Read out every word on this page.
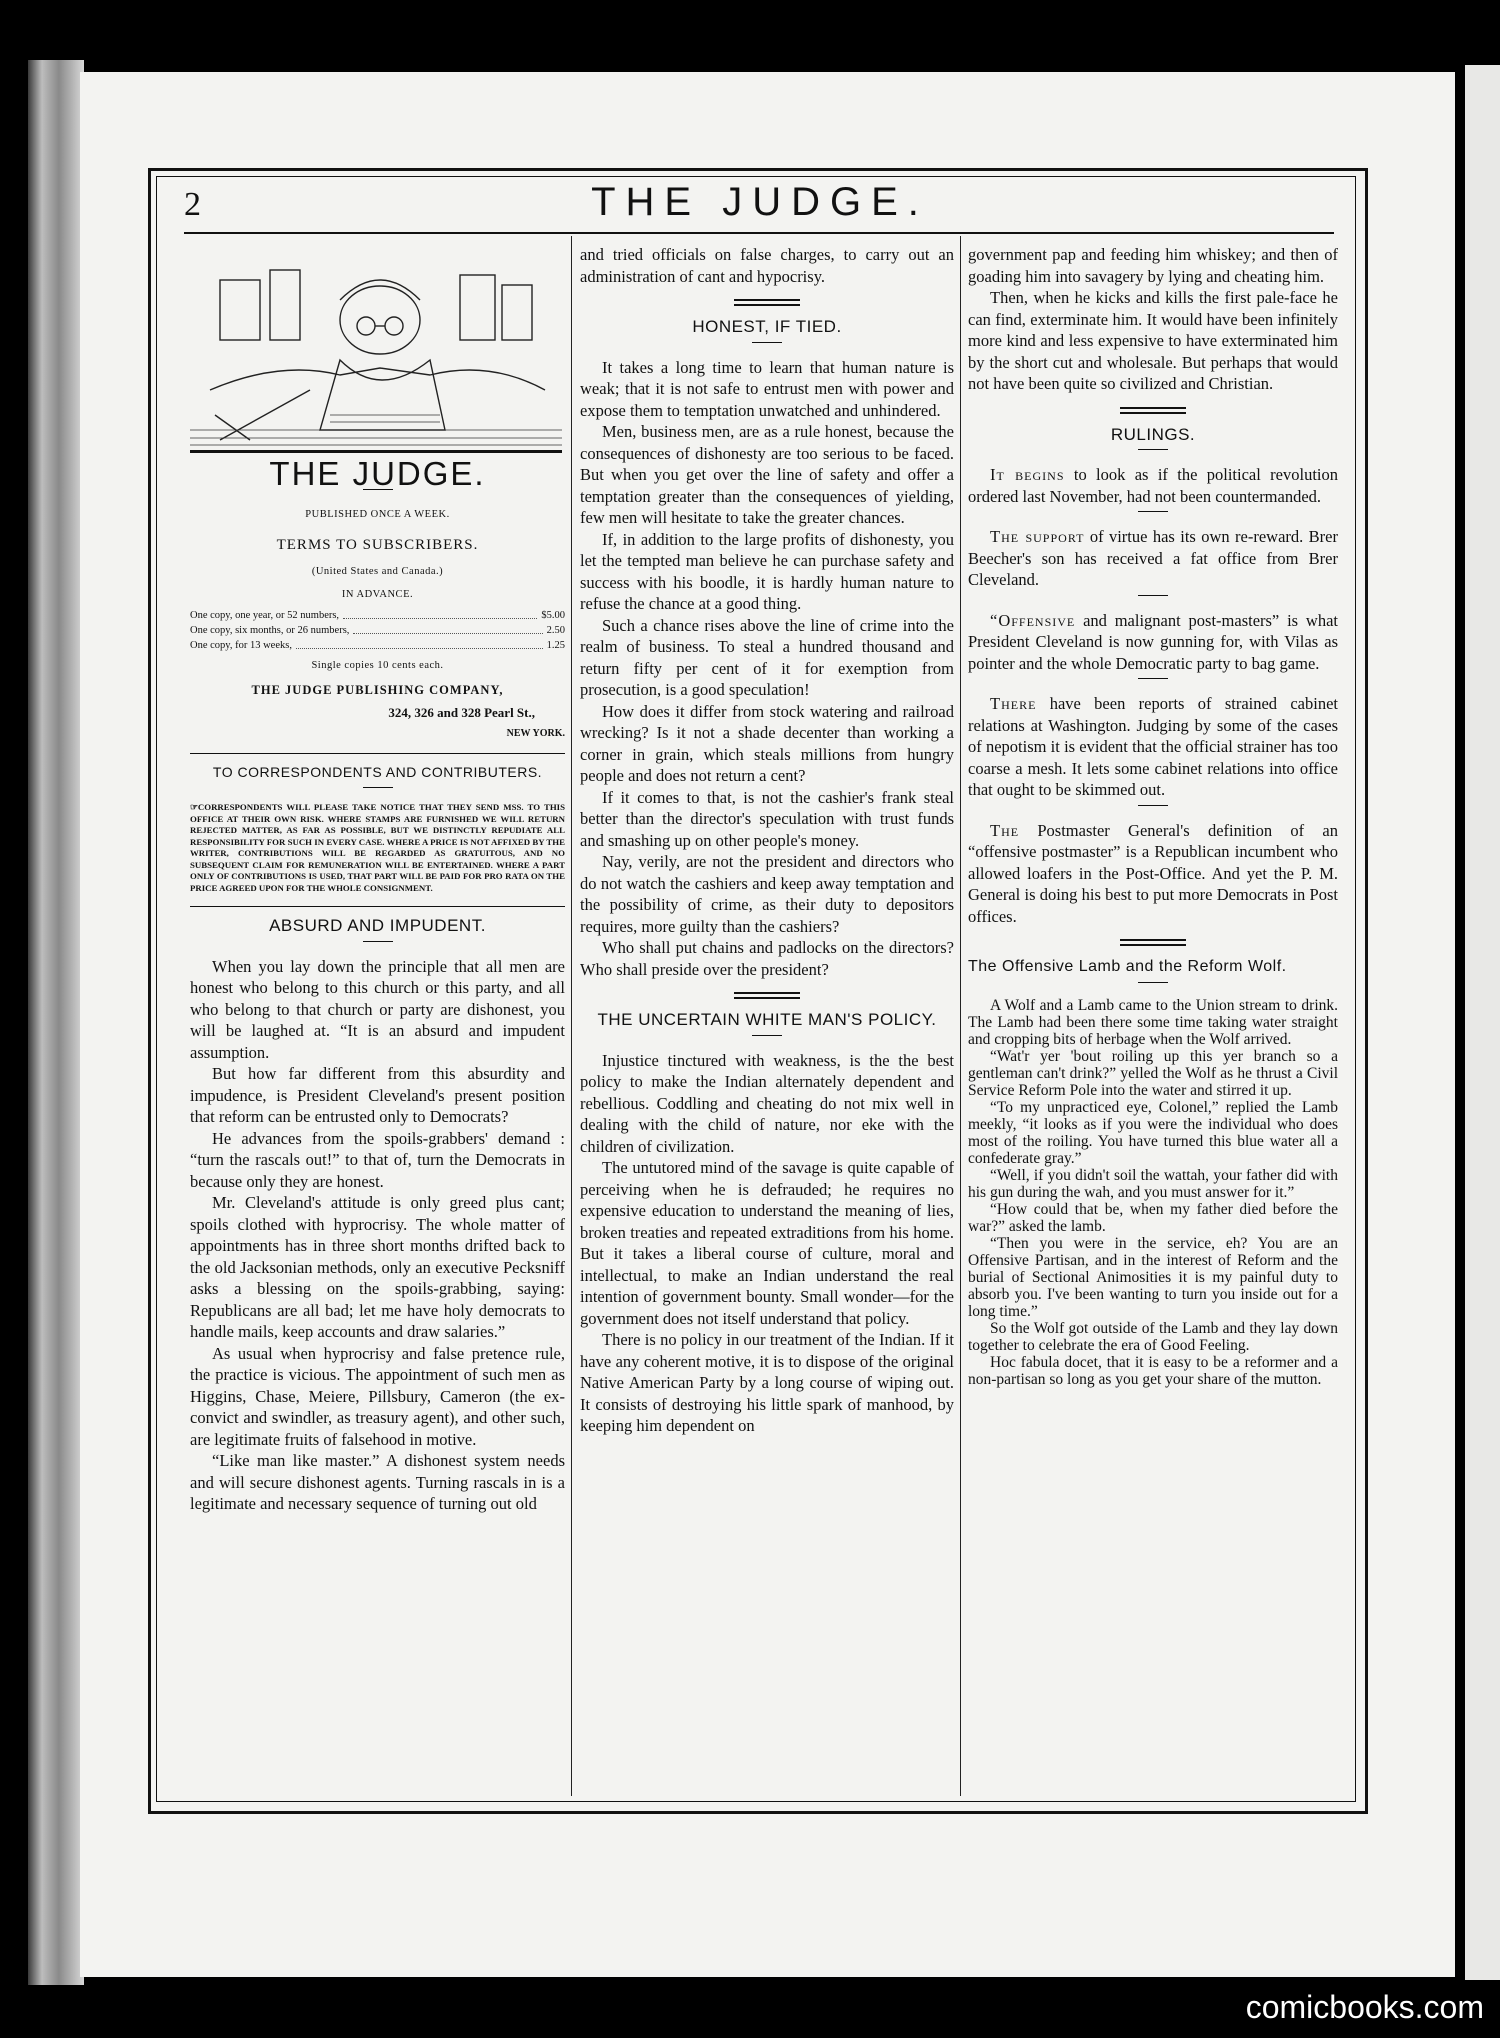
2	THE JUDGE.
THE JUDGE.
PUBLISHED ONCE A WEEK.
TERMS TO SUBSCRIBERS.
(United States and Canada.)
IN ADVANCE.
One copy, one year, or 52 numbers,	$5.00
One copy, six months, or 26 numbers,	2.50
One copy, for 13 weeks,	1.25
Single copies 10 cents each.
THE JUDGE PUBLISHING COMPANY,
324, 326 and 328 Pearl St.,
NEW YORK.
TO CORRESPONDENTS AND CONTRIBUTERS.
☞CORRESPONDENTS WILL PLEASE TAKE NOTICE THAT THEY SEND MSS. TO THIS OFFICE AT THEIR OWN RISK. WHERE STAMPS ARE FURNISHED WE WILL RETURN REJECTED MATTER, AS FAR AS POSSIBLE, BUT WE DISTINCTLY REPUDIATE ALL RESPONSIBILITY FOR SUCH IN EVERY CASE. WHERE A PRICE IS NOT AFFIXED BY THE WRITER, CONTRIBUTIONS WILL BE REGARDED AS GRATUITOUS, AND NO SUBSEQUENT CLAIM FOR REMUNERATION WILL BE ENTERTAINED. WHERE A PART ONLY OF CONTRIBUTIONS IS USED, THAT PART WILL BE PAID FOR PRO RATA ON THE PRICE AGREED UPON FOR THE WHOLE CONSIGNMENT.
ABSURD AND IMPUDENT.

When you lay down the principle that all men are honest who belong to this church or this party, and all who belong to that church or party are dishonest, you will be laughed at. “It is an absurd and impudent assumption.

But how far different from this absurdity and impudence, is President Cleveland's present position that reform can be entrusted only to Democrats?

He advances from the spoils-grabbers' demand : “turn the rascals out!” to that of, turn the Democrats in because only they are honest.

Mr. Cleveland's attitude is only greed plus cant; spoils clothed with hyprocrisy. The whole matter of appointments has in three short months drifted back to the old Jacksonian methods, only an executive Pecksniff asks a blessing on the spoils-grabbing, saying: Republicans are all bad; let me have holy democrats to handle mails, keep accounts and draw salaries.”

As usual when hyprocrisy and false pretence rule, the practice is vicious. The appointment of such men as Higgins, Chase, Meiere, Pillsbury, Cameron (the ex-convict and swindler, as treasury agent), and other such, are legitimate fruits of falsehood in motive.

“Like man like master.” A dishonest system needs and will secure dishonest agents. Turning rascals in is a legitimate and necessary sequence of turning out old

and tried officials on false charges, to carry out an administration of cant and hypocrisy.

HONEST, IF TIED.

It takes a long time to learn that human nature is weak; that it is not safe to entrust men with power and expose them to temptation unwatched and unhindered.

Men, business men, are as a rule honest, because the consequences of dishonesty are too serious to be faced. But when you get over the line of safety and offer a temptation greater than the consequences of yielding, few men will hesitate to take the greater chances.

If, in addition to the large profits of dishonesty, you let the tempted man believe he can purchase safety and success with his boodle, it is hardly human nature to refuse the chance at a good thing.

Such a chance rises above the line of crime into the realm of business. To steal a hundred thousand and return fifty per cent of it for exemption from prosecution, is a good speculation!

How does it differ from stock watering and railroad wrecking? Is it not a shade decenter than working a corner in grain, which steals millions from hungry people and does not return a cent?

If it comes to that, is not the cashier's frank steal better than the director's speculation with trust funds and smashing up on other people's money.

Nay, verily, are not the president and directors who do not watch the cashiers and keep away temptation and the possibility of crime, as their duty to depositors requires, more guilty than the cashiers?

Who shall put chains and padlocks on the directors? Who shall preside over the president?

THE UNCERTAIN WHITE MAN'S POLICY.

Injustice tinctured with weakness, is the the best policy to make the Indian alternately dependent and rebellious. Coddling and cheating do not mix well in dealing with the child of nature, nor eke with the children of civilization.

The untutored mind of the savage is quite capable of perceiving when he is defrauded; he requires no expensive education to understand the meaning of lies, broken treaties and repeated extraditions from his home. But it takes a liberal course of culture, moral and intellectual, to make an Indian understand the real intention of government bounty. Small wonder—for the government does not itself understand that policy.

There is no policy in our treatment of the Indian. If it have any coherent motive, it is to dispose of the original Native American Party by a long course of wiping out. It consists of destroying his little spark of manhood, by keeping him dependent on

government pap and feeding him whiskey; and then of goading him into savagery by lying and cheating him.

Then, when he kicks and kills the first pale-face he can find, exterminate him. It would have been infinitely more kind and less expensive to have exterminated him by the short cut and wholesale. But perhaps that would not have been quite so civilized and Christian.

RULINGS.

It begins to look as if the political revolution ordered last November, had not been countermanded.

The support of virtue has its own re-reward. Brer Beecher's son has received a fat office from Brer Cleveland.

“Offensive and malignant post-masters” is what President Cleveland is now gunning for, with Vilas as pointer and the whole Democratic party to bag game.

There have been reports of strained cabinet relations at Washington. Judging by some of the cases of nepotism it is evident that the official strainer has too coarse a mesh. It lets some cabinet relations into office that ought to be skimmed out.

The Postmaster General's definition of an “offensive postmaster” is a Republican incumbent who allowed loafers in the Post-Office. And yet the P. M. General is doing his best to put more Democrats in Post offices.

The Offensive Lamb and the Reform Wolf.

A Wolf and a Lamb came to the Union stream to drink. The Lamb had been there some time taking water straight and cropping bits of herbage when the Wolf arrived.

“Wat'r yer 'bout roiling up this yer branch so a gentleman can't drink?” yelled the Wolf as he thrust a Civil Service Reform Pole into the water and stirred it up.

“To my unpracticed eye, Colonel,” replied the Lamb meekly, “it looks as if you were the individual who does most of the roiling. You have turned this blue water all a confederate gray.”

“Well, if you didn't soil the wattah, your father did with his gun during the wah, and you must answer for it.”

“How could that be, when my father died before the war?” asked the lamb.

“Then you were in the service, eh? You are an Offensive Partisan, and in the interest of Reform and the burial of Sectional Animosities it is my painful duty to absorb you. I've been wanting to turn you inside out for a long time.”

So the Wolf got outside of the Lamb and they lay down together to celebrate the era of Good Feeling.

Hoc fabula docet, that it is easy to be a reformer and a non-partisan so long as you get your share of the mutton.

comicbooks.com
